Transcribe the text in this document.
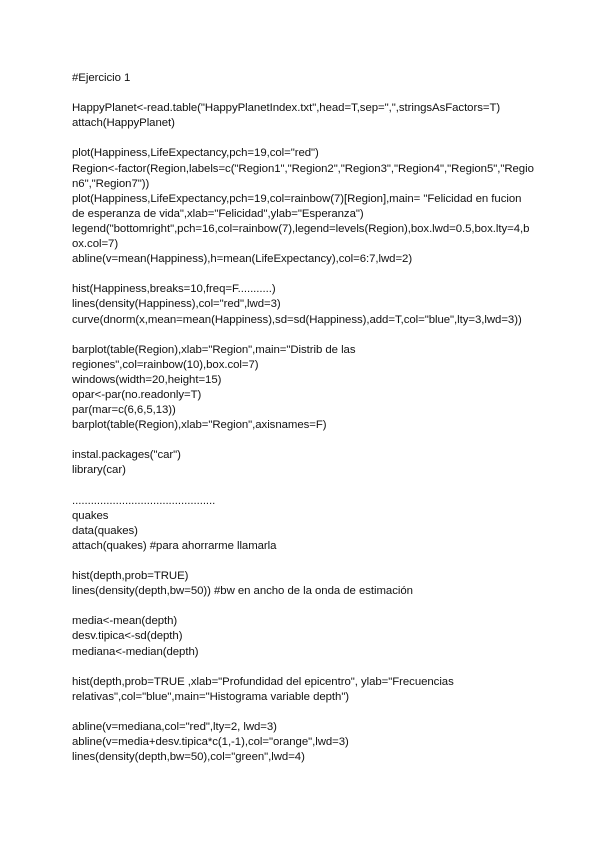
#Ejercicio 1
HappyPlanet<-read.table("HappyPlanetIndex.txt",head=T,sep=",",stringsAsFactors=T)
attach(HappyPlanet)
plot(Happiness,LifeExpectancy,pch=19,col="red")
Region<-factor(Region,labels=c("Region1","Region2","Region3","Region4","Region5","Regio
n6","Region7"))
plot(Happiness,LifeExpectancy,pch=19,col=rainbow(7)[Region],main= "Felicidad en fucion
de esperanza de vida",xlab="Felicidad",ylab="Esperanza")
legend("bottomright",pch=16,col=rainbow(7),legend=levels(Region),box.lwd=0.5,box.lty=4,b
ox.col=7)
abline(v=mean(Happiness),h=mean(LifeExpectancy),col=6:7,lwd=2)
hist(Happiness,breaks=10,freq=F...........)
lines(density(Happiness),col="red",lwd=3)
curve(dnorm(x,mean=mean(Happiness),sd=sd(Happiness),add=T,col="blue",lty=3,lwd=3))
barplot(table(Region),xlab="Region",main="Distrib de las
regiones",col=rainbow(10),box.col=7)
windows(width=20,height=15)
opar<-par(no.readonly=T)
par(mar=c(6,6,5,13))
barplot(table(Region),xlab="Region",axisnames=F)
instal.packages("car")
library(car)
..............................................
quakes
data(quakes)
attach(quakes) #para ahorrarme llamarla
hist(depth,prob=TRUE)
lines(density(depth,bw=50)) #bw en ancho de la onda de estimación
media<-mean(depth)
desv.tipica<-sd(depth)
mediana<-median(depth)
hist(depth,prob=TRUE ,xlab="Profundidad del epicentro", ylab="Frecuencias
relativas",col="blue",main="Histograma variable depth")
abline(v=mediana,col="red",lty=2, lwd=3)
abline(v=media+desv.tipica*c(1,-1),col="orange",lwd=3)
lines(density(depth,bw=50),col="green",lwd=4)
